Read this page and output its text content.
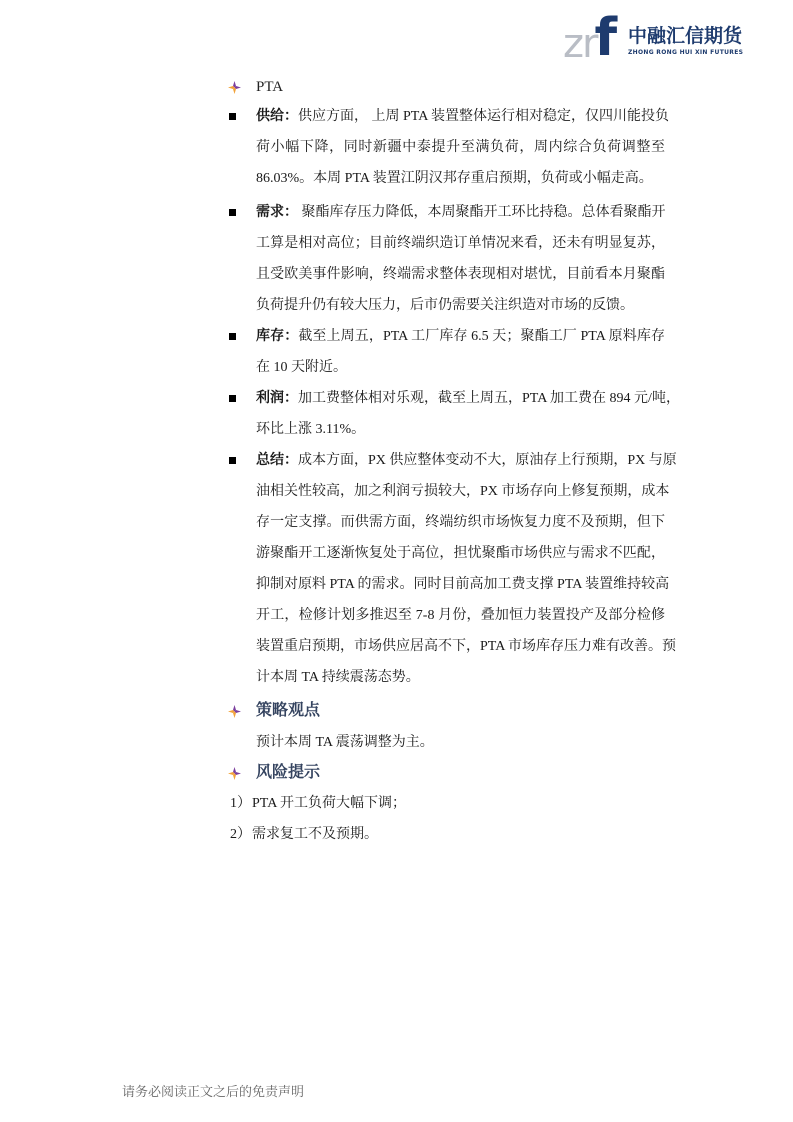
zrf 中融汇信期货
ZHONG RONG HUI XIN FUTURES
PTA
供给：供应方面， 上周 PTA 装置整体运行相对稳定，仅四川能投负
荷小幅下降，同时新疆中泰提升至满负荷，周内综合负荷调整至
86.03%。本周 PTA 装置江阴汉邦存重启预期，负荷或小幅走高。
需求： 聚酯库存压力降低，本周聚酯开工环比持稳。总体看聚酯开
工算是相对高位；目前终端织造订单情况来看，还未有明显复苏，
且受欧美事件影响，终端需求整体表现相对堪忧，目前看本月聚酯
负荷提升仍有较大压力，后市仍需要关注织造对市场的反馈。
库存：截至上周五，PTA 工厂库存 6.5 天；聚酯工厂 PTA 原料库存
在 10 天附近。
利润：加工费整体相对乐观，截至上周五，PTA 加工费在 894 元/吨，
环比上涨 3.11%。
总结：成本方面，PX 供应整体变动不大，原油存上行预期，PX 与原
油相关性较高，加之利润亏损较大，PX 市场存向上修复预期，成本
存一定支撑。而供需方面，终端纺织市场恢复力度不及预期，但下
游聚酯开工逐渐恢复处于高位，担忧聚酯市场供应与需求不匹配，
抑制对原料 PTA 的需求。同时目前高加工费支撑 PTA 装置维持较高
开工，检修计划多推迟至 7-8 月份，叠加恒力装置投产及部分检修
装置重启预期，市场供应居高不下，PTA 市场库存压力难有改善。预
计本周 TA 持续震荡态势。
策略观点
预计本周 TA 震荡调整为主。
风险提示
1）PTA 开工负荷大幅下调；
2）需求复工不及预期。
请务必阅读正文之后的免责声明
